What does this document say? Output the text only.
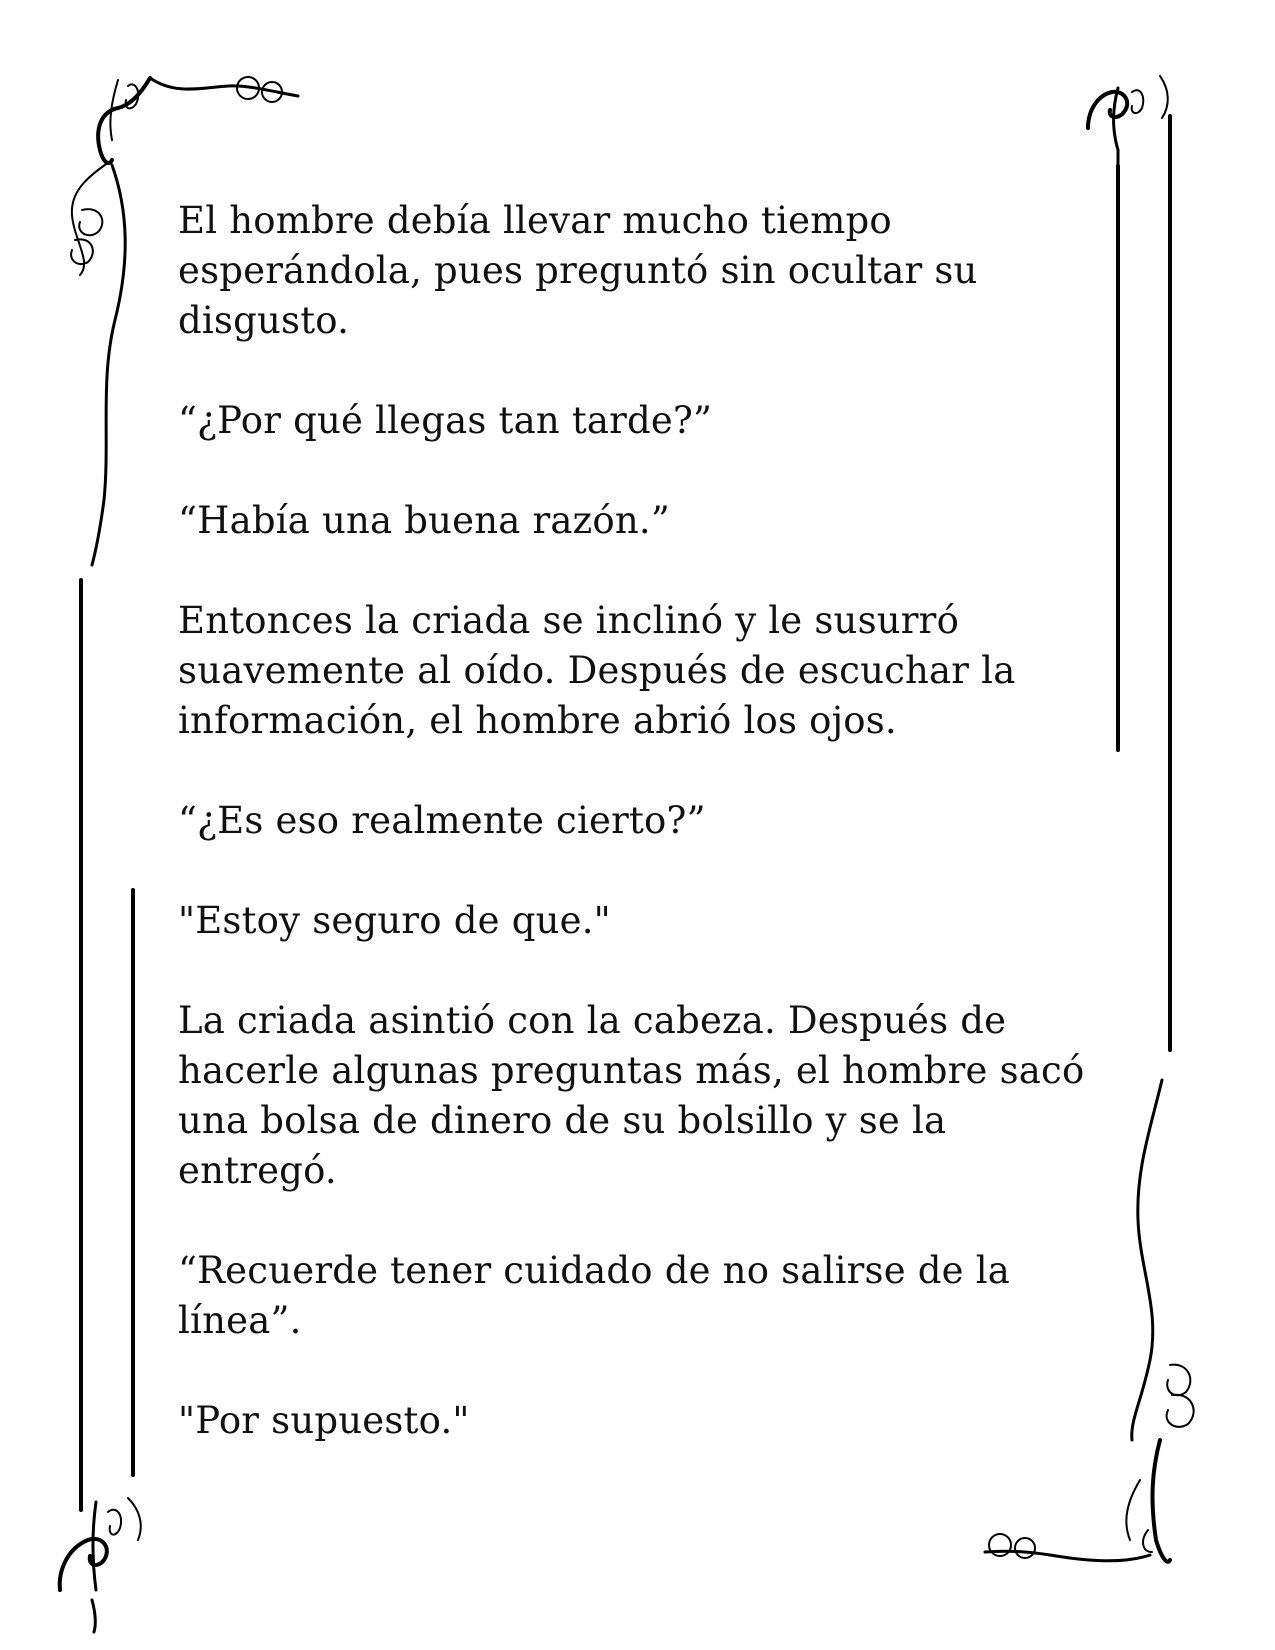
El hombre debía llevar mucho tiempo
esperándola, pues preguntó sin ocultar su
disgusto.

“¿Por qué llegas tan tarde?”

“Había una buena razón.”

Entonces la criada se inclinó y le susurró
suavemente al oído. Después de escuchar la
información, el hombre abrió los ojos.

“¿Es eso realmente cierto?”

"Estoy seguro de que."

La criada asintió con la cabeza. Después de
hacerle algunas preguntas más, el hombre sacó
una bolsa de dinero de su bolsillo y se la
entregó.

“Recuerde tener cuidado de no salirse de la
línea”.

"Por supuesto."
